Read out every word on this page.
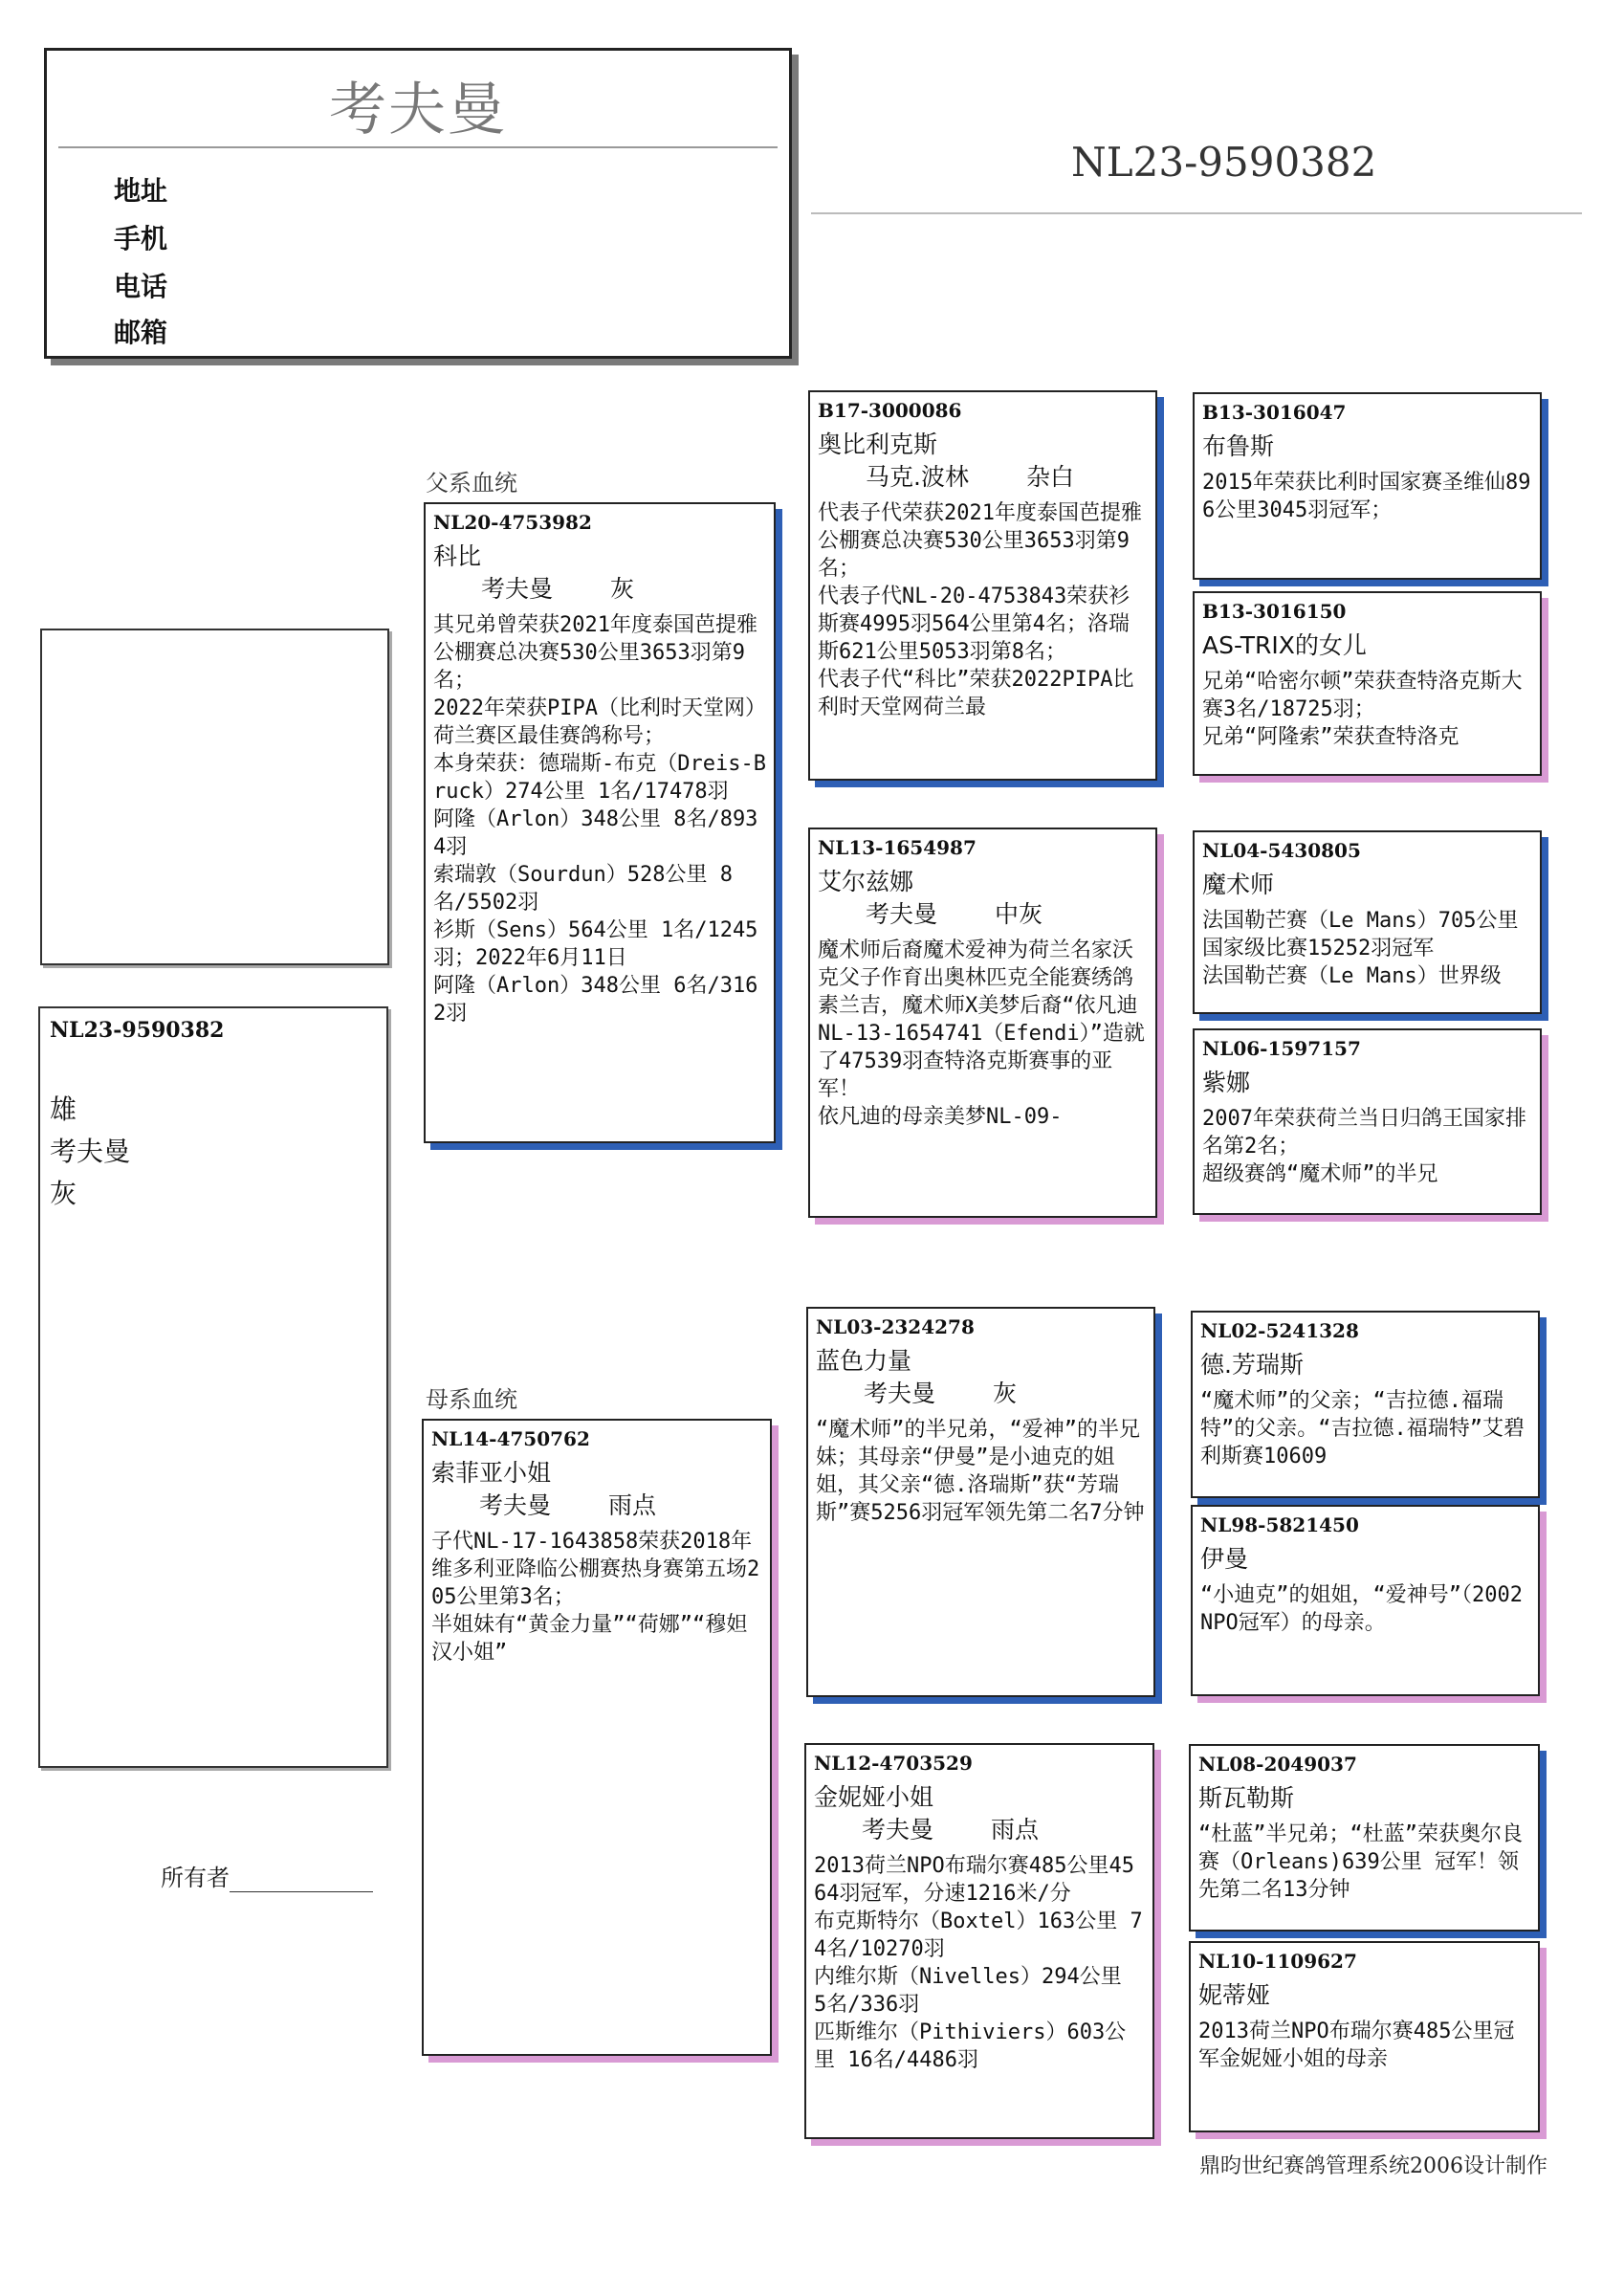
考夫曼
地址
手机
电话
邮箱
NL23-9590382
NL23-9590382
雄
考夫曼
灰
所有者
父系血统
母系血统
NL20-4753982
科比
考夫曼 灰
其兄弟曾荣获2021年度泰国芭提雅公棚赛总决赛530公里3653羽第9名；
2022年荣获PIPA（比利时天堂网）荷兰赛区最佳赛鸽称号；
本身荣获：德瑞斯-布克（Dreis-Bruck）274公里 1名/17478羽
阿隆（Arlon）348公里 8名/8934羽
索瑞敦（Sourdun）528公里 8名/5502羽
衫斯（Sens）564公里 1名/1245羽；2022年6月11日
阿隆（Arlon）348公里 6名/3162羽
NL14-4750762
索菲亚小姐
考夫曼 雨点
子代NL-17-1643858荣获2018年维多利亚降临公棚赛热身赛第五场205公里第3名；
半姐妹有“黄金力量”“荷娜”“穆妲汉小姐”
B17-3000086
奥比利克斯
马克.波林 杂白
代表子代荣获2021年度泰国芭提雅公棚赛总决赛530公里3653羽第9名；
代表子代NL-20-4753843荣获衫斯赛4995羽564公里第4名；洛瑞斯621公里5053羽第8名；
代表子代“科比”荣获2022PIPA比利时天堂网荷兰最
NL13-1654987
艾尔兹娜
考夫曼 中灰
魔术师后裔魔术爱神为荷兰名家沃克父子作育出奥林匹克全能赛绣鸽素兰吉，魔术师X美梦后裔“依凡迪NL-13-1654741（Efendi）”造就了47539羽查特洛克斯赛事的亚军！
依凡迪的母亲美梦NL-09-
NL03-2324278
蓝色力量
考夫曼 灰
“魔术师”的半兄弟，“爱神”的半兄妹；其母亲“伊曼”是小迪克的姐姐，其父亲“德.洛瑞斯”获“芳瑞斯”赛5256羽冠军领先第二名7分钟
NL12-4703529
金妮娅小姐
考夫曼 雨点
2013荷兰NPO布瑞尔赛485公里4564羽冠军，分速1216米/分
布克斯特尔（Boxtel）163公里 74名/10270羽
内维尔斯（Nivelles）294公里 5名/336羽
匹斯维尔（Pithiviers）603公里 16名/4486羽
B13-3016047
布鲁斯
2015年荣获比利时国家赛圣维仙896公里3045羽冠军；
B13-3016150
AS-TRIX的女儿
兄弟“哈密尔顿”荣获查特洛克斯大赛3名/18725羽；
兄弟“阿隆索”荣获查特洛克
NL04-5430805
魔术师
法国勒芒赛（Le Mans）705公里 国家级比赛15252羽冠军
法国勒芒赛（Le Mans）世界级
NL06-1597157
紫娜
2007年荣获荷兰当日归鸽王国家排名第2名；
超级赛鸽“魔术师”的半兄
NL02-5241328
德.芳瑞斯
“魔术师”的父亲；“吉拉德.福瑞特”的父亲。“吉拉德.福瑞特”艾碧利斯赛10609
NL98-5821450
伊曼
“小迪克”的姐姐，“爱神号”（2002NPO冠军）的母亲。
NL08-2049037
斯瓦勒斯
“杜蓝”半兄弟；“杜蓝”荣获奥尔良赛（Orleans)639公里 冠军！领先第二名13分钟
NL10-1109627
妮蒂娅
2013荷兰NPO布瑞尔赛485公里冠军金妮娅小姐的母亲
鼎昀世纪赛鸽管理系统2006设计制作
